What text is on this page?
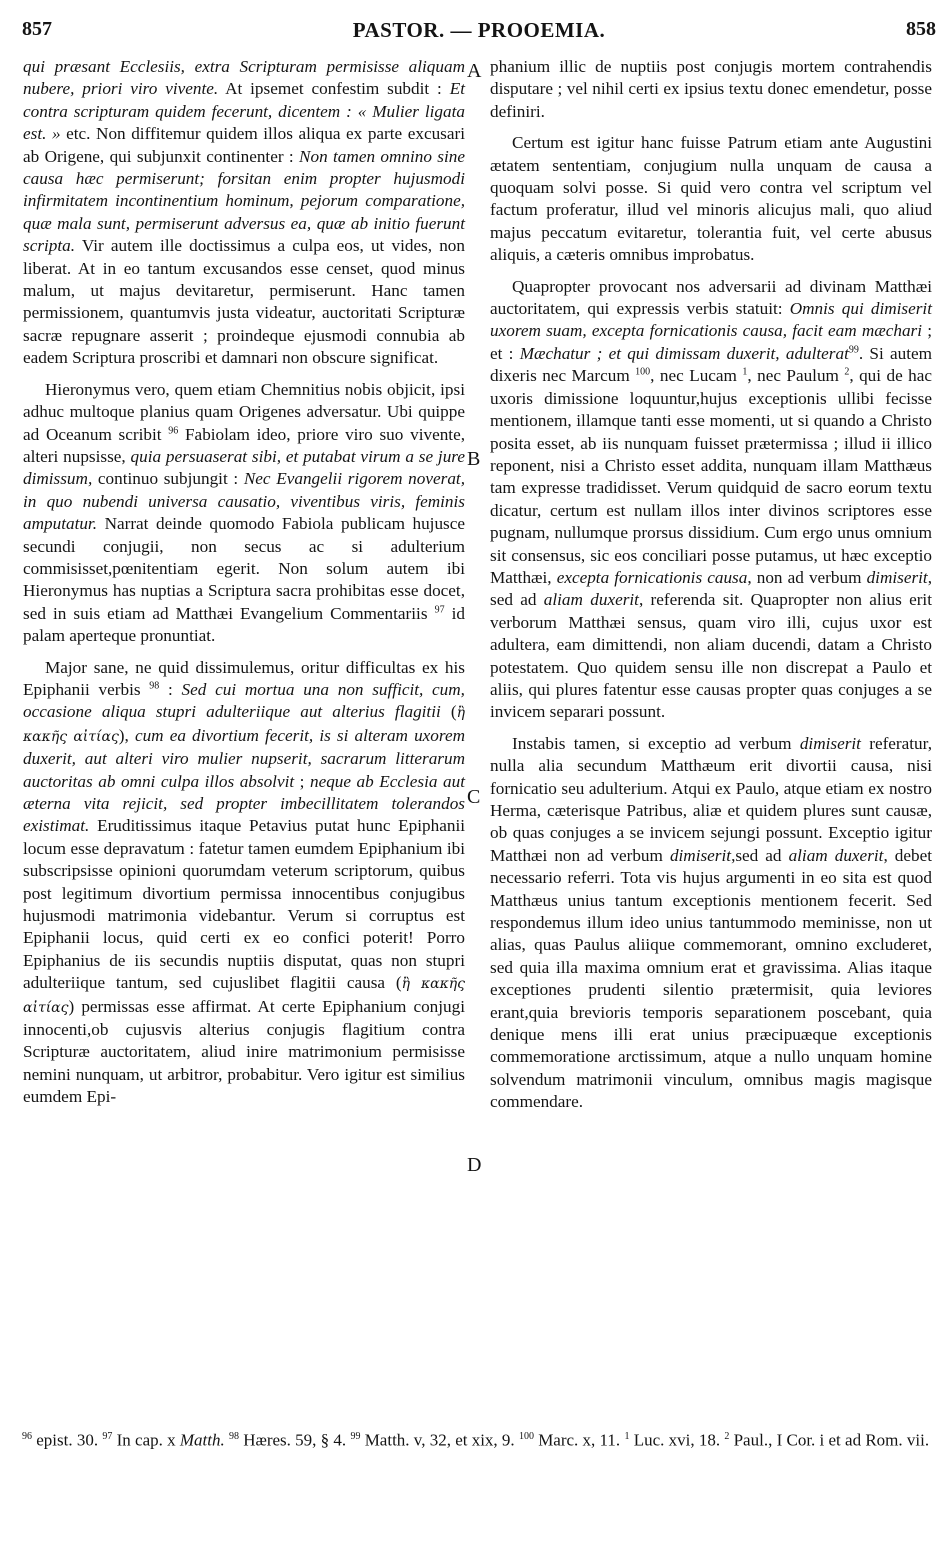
857	PASTOR. — PROOEMIA.	858

qui præsant Ecclesiis, extra Scripturam permisisse aliquam nubere, priori viro vivente. At ipsemet confestim subdit : Et contra scripturam quidem fecerunt, dicentem : « Mulier ligata est. » etc. Non diffitemur quidem illos aliqua ex parte excusari ab Origene, qui subjunxit continenter : Non tamen omnino sine causa hæc permiserunt; forsitan enim propter hujusmodi infirmitatem incontinentium hominum, pejorum comparatione, quæ mala sunt, permiserunt adversus ea, quæ ab initio fuerunt scripta. Vir autem ille doctissimus a culpa eos, ut vides, non liberat. At in eo tantum excusandos esse censet, quod minus malum, ut majus devitaretur, permiserunt. Hanc tamen permissionem, quantumvis justa videatur, auctoritati Scripturæ sacræ repugnare asserit ; proindeque ejusmodi connubia ab eadem Scriptura proscribi et damnari non obscure significat.

Hieronymus vero, quem etiam Chemnitius nobis objicit, ipsi adhuc multoque planius quam Origenes adversatur. Ubi quippe ad Oceanum scribit $^{96}$ Fabiolam ideo, priore viro suo vivente, alteri nupsisse, quia persuaserat sibi, et putabat virum a se jure dimissum, continuo subjungit : Nec Evangelii rigorem noverat, in quo nubendi universa causatio, viventibus viris, feminis amputatur. Narrat deinde quomodo Fabiola publicam hujusce secundi conjugii, non secus ac si adulterium commisisset,pœnitentiam egerit. Non solum autem ibi Hieronymus has nuptias a Scriptura sacra prohibitas esse docet, sed in suis etiam ad Matthæi Evangelium Commentariis $^{97}$ id palam aperteque pronuntiat.

Major sane, ne quid dissimulemus, oritur difficultas ex his Epiphanii verbis $^{98}$ : Sed cui mortua una non sufficit, cum, occasione aliqua stupri adulteriique aut alterius flagitii (ἢ κακῆς αἰτίας), cum ea divortium fecerit, is si alteram uxorem duxerit, aut alteri viro mulier nupserit, sacrarum litterarum auctoritas ab omni culpa illos absolvit ; neque ab Ecclesia aut æterna vita rejicit, sed propter imbecillitatem tolerandos existimat. Eruditissimus itaque Petavius putat hunc Epiphanii locum esse depravatum : fatetur tamen eumdem Epiphanium ibi subscripsisse opinioni quorumdam veterum scriptorum, quibus post legitimum divortium permissa innocentibus conjugibus hujusmodi matrimonia videbantur. Verum si corruptus est Epiphanii locus, quid certi ex eo confici poterit! Porro Epiphanius de iis secundis nuptiis disputat, quas non stupri adulteriique tantum, sed cujuslibet flagitii causa (ἢ κακῆς αἰτίας) permissas esse affirmat. At certe Epiphanium conjugi innocenti,ob cujusvis alterius conjugis flagitium contra Scripturæ auctoritatem, aliud inire matrimonium permisisse nemini nunquam, ut arbitror, probabitur. Vero igitur est similius eumdem Epi-

phanium illic de nuptiis post conjugis mortem contrahendis disputare ; vel nihil certi ex ipsius textu donec emendetur, posse definiri.

Certum est igitur hanc fuisse Patrum etiam ante Augustini ætatem sententiam, conjugium nulla unquam de causa a quoquam solvi posse. Si quid vero contra vel scriptum vel factum proferatur, illud vel minoris alicujus mali, quo aliud majus peccatum evitaretur, tolerantia fuit, vel certe abusus aliquis, a cæteris omnibus improbatus.

Quapropter provocant nos adversarii ad divinam Matthæi auctoritatem, qui expressis verbis statuit: Omnis qui dimiserit uxorem suam, excepta fornicationis causa, facit eam mæchari ; et : Mæchatur ; et qui dimissam duxerit, adulterat$^{99}$. Si autem dixeris nec Marcum $^{100}$, nec Lucam $^1$, nec Paulum $^2$, qui de hac uxoris dimissione loquuntur,hujus exceptionis ullibi fecisse mentionem, illamque tanti esse momenti, ut si quando a Christo posita esset, ab iis nunquam fuisset prætermissa ; illud ii illico reponent, nisi a Christo esset addita, nunquam illam Matthæus tam expresse tradidisset. Verum quidquid de sacro eorum textu dicatur, certum est nullam illos inter divinos scriptores esse pugnam, nullumque prorsus dissidium. Cum ergo unus omnium sit consensus, sic eos conciliari posse putamus, ut hæc exceptio Matthæi, excepta fornicationis causa, non ad verbum dimiserit, sed ad aliam duxerit, referenda sit. Quapropter non alius erit verborum Matthæi sensus, quam viro illi, cujus uxor est adultera, eam dimittendi, non aliam ducendi, datam a Christo potestatem. Quo quidem sensu ille non discrepat a Paulo et aliis, qui plures fatentur esse causas propter quas conjuges a se invicem separari possunt.

Instabis tamen, si exceptio ad verbum dimiserit referatur, nulla alia secundum Matthæum erit divortii causa, nisi fornicatio seu adulterium. Atqui ex Paulo, atque etiam ex nostro Herma, cæterisque Patribus, aliæ et quidem plures sunt causæ, ob quas conjuges a se invicem sejungi possunt. Exceptio igitur Matthæi non ad verbum dimiserit,sed ad aliam duxerit, debet necessario referri. Tota vis hujus argumenti in eo sita est quod Matthæus unius tantum exceptionis mentionem fecerit. Sed respondemus illum ideo unius tantummodo meminisse, non ut alias, quas Paulus aliique commemorant, omnino excluderet, sed quia illa maxima omnium erat et gravissima. Alias itaque exceptiones prudenti silentio prætermisit, quia leviores erant,quia brevioris temporis separationem poscebant, quia denique mens illi erat unius præcipuæque exceptionis commemoratione arctissimum, atque a nullo unquam homine solvendum matrimonii vinculum, omnibus magis magisque commendare.

A
B
C
D
$^{96}$ epist. 30. $^{97}$ In cap. x Matth. $^{98}$ Hæres. 59, § 4. $^{99}$ Matth. v, 32, et xix, 9. $^{100}$ Marc. x, 11. $^1$ Luc. xvi, 18. $^2$ Paul., I Cor. i et ad Rom. vii.
